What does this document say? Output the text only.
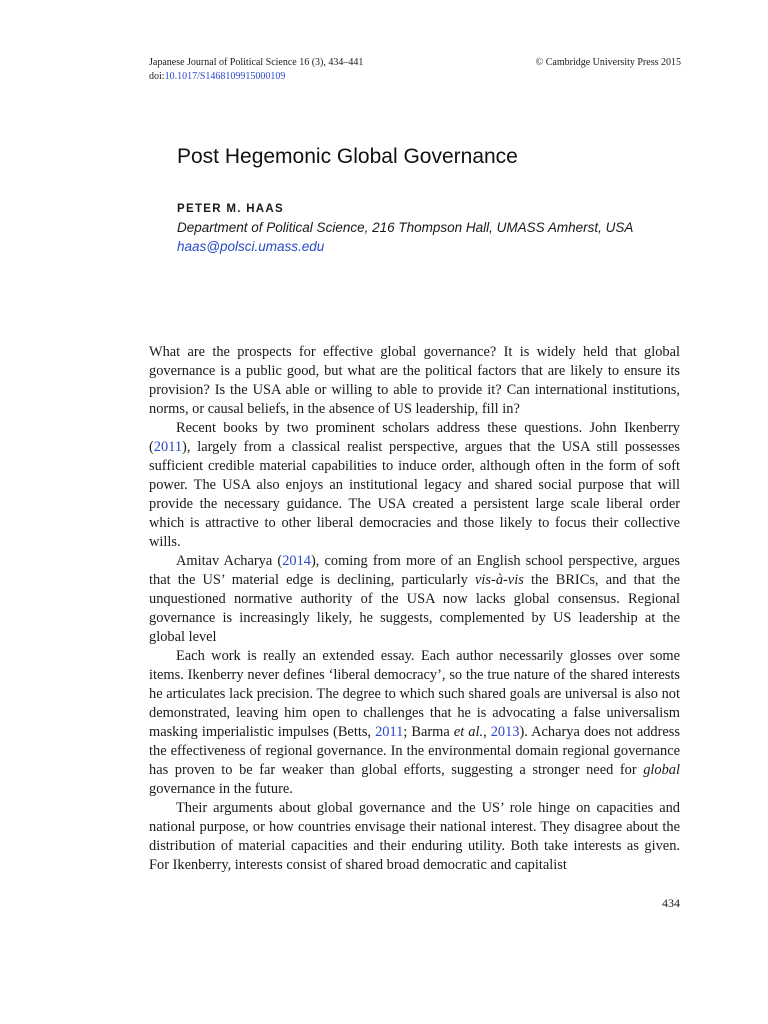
Japanese Journal of Political Science 16 (3), 434–441
doi:10.1017/S1468109915000109
© Cambridge University Press 2015
Post Hegemonic Global Governance
PETER M. HAAS
Department of Political Science, 216 Thompson Hall, UMASS Amherst, USA
haas@polsci.umass.edu

What are the prospects for effective global governance? It is widely held that global governance is a public good, but what are the political factors that are likely to ensure its provision? Is the USA able or willing to able to provide it? Can international institutions, norms, or causal beliefs, in the absence of US leadership, fill in?

Recent books by two prominent scholars address these questions. John Ikenberry (2011), largely from a classical realist perspective, argues that the USA still possesses sufficient credible material capabilities to induce order, although often in the form of soft power. The USA also enjoys an institutional legacy and shared social purpose that will provide the necessary guidance. The USA created a persistent large scale liberal order which is attractive to other liberal democracies and those likely to focus their collective wills.

Amitav Acharya (2014), coming from more of an English school perspective, argues that the US’ material edge is declining, particularly vis-à-vis the BRICs, and that the unquestioned normative authority of the USA now lacks global consensus. Regional governance is increasingly likely, he suggests, complemented by US leadership at the global level

Each work is really an extended essay. Each author necessarily glosses over some items. Ikenberry never defines ‘liberal democracy’, so the true nature of the shared interests he articulates lack precision. The degree to which such shared goals are universal is also not demonstrated, leaving him open to challenges that he is advocating a false universalism masking imperialistic impulses (Betts, 2011; Barma et al., 2013). Acharya does not address the effectiveness of regional governance. In the environmental domain regional governance has proven to be far weaker than global efforts, suggesting a stronger need for global governance in the future.

Their arguments about global governance and the US’ role hinge on capacities and national purpose, or how countries envisage their national interest. They disagree about the distribution of material capacities and their enduring utility. Both take interests as given. For Ikenberry, interests consist of shared broad democratic and capitalist

434
